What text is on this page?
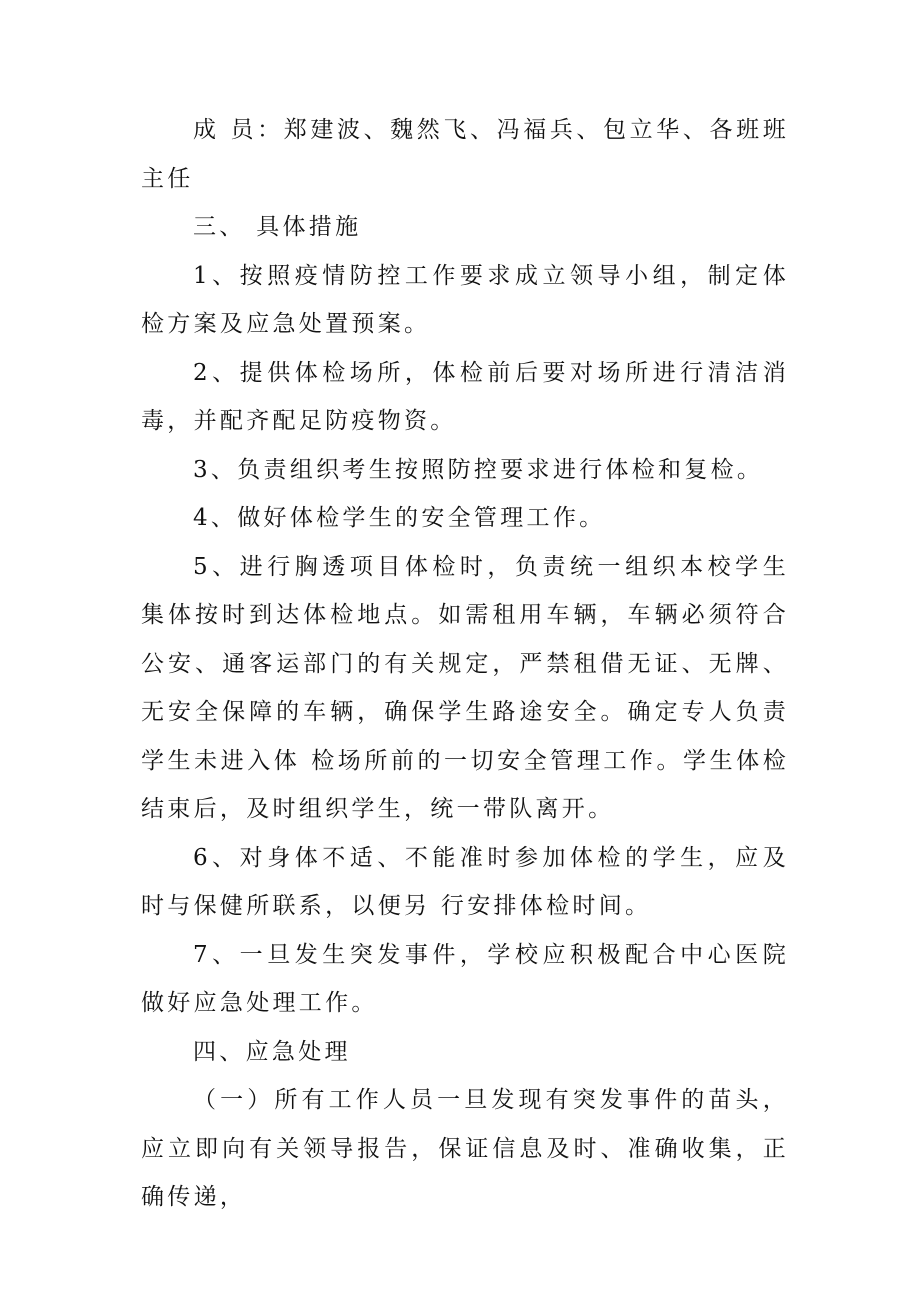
成 员：郑建波、魏然飞、冯福兵、包立华、各班班主任

三、 具体措施

1、按照疫情防控工作要求成立领导小组，制定体检方案及应急处置预案。

2、提供体检场所，体检前后要对场所进行清洁消毒，并配齐配足防疫物资。

3、负责组织考生按照防控要求进行体检和复检。

4、做好体检学生的安全管理工作。

5、进行胸透项目体检时，负责统一组织本校学生集体按时到达体检地点。如需租用车辆，车辆必须符合公安、通客运部门的有关规定，严禁租借无证、无牌、无安全保障的车辆，确保学生路途安全。确定专人负责学生未进入体 检场所前的一切安全管理工作。学生体检结束后，及时组织学生，统一带队离开。

6、对身体不适、不能准时参加体检的学生，应及时与保健所联系，以便另 行安排体检时间。

7、一旦发生突发事件，学校应积极配合中心医院做好应急处理工作。

四、应急处理

（一）所有工作人员一旦发现有突发事件的苗头， 应立即向有关领导报告，保证信息及时、准确收集，正确传递，
